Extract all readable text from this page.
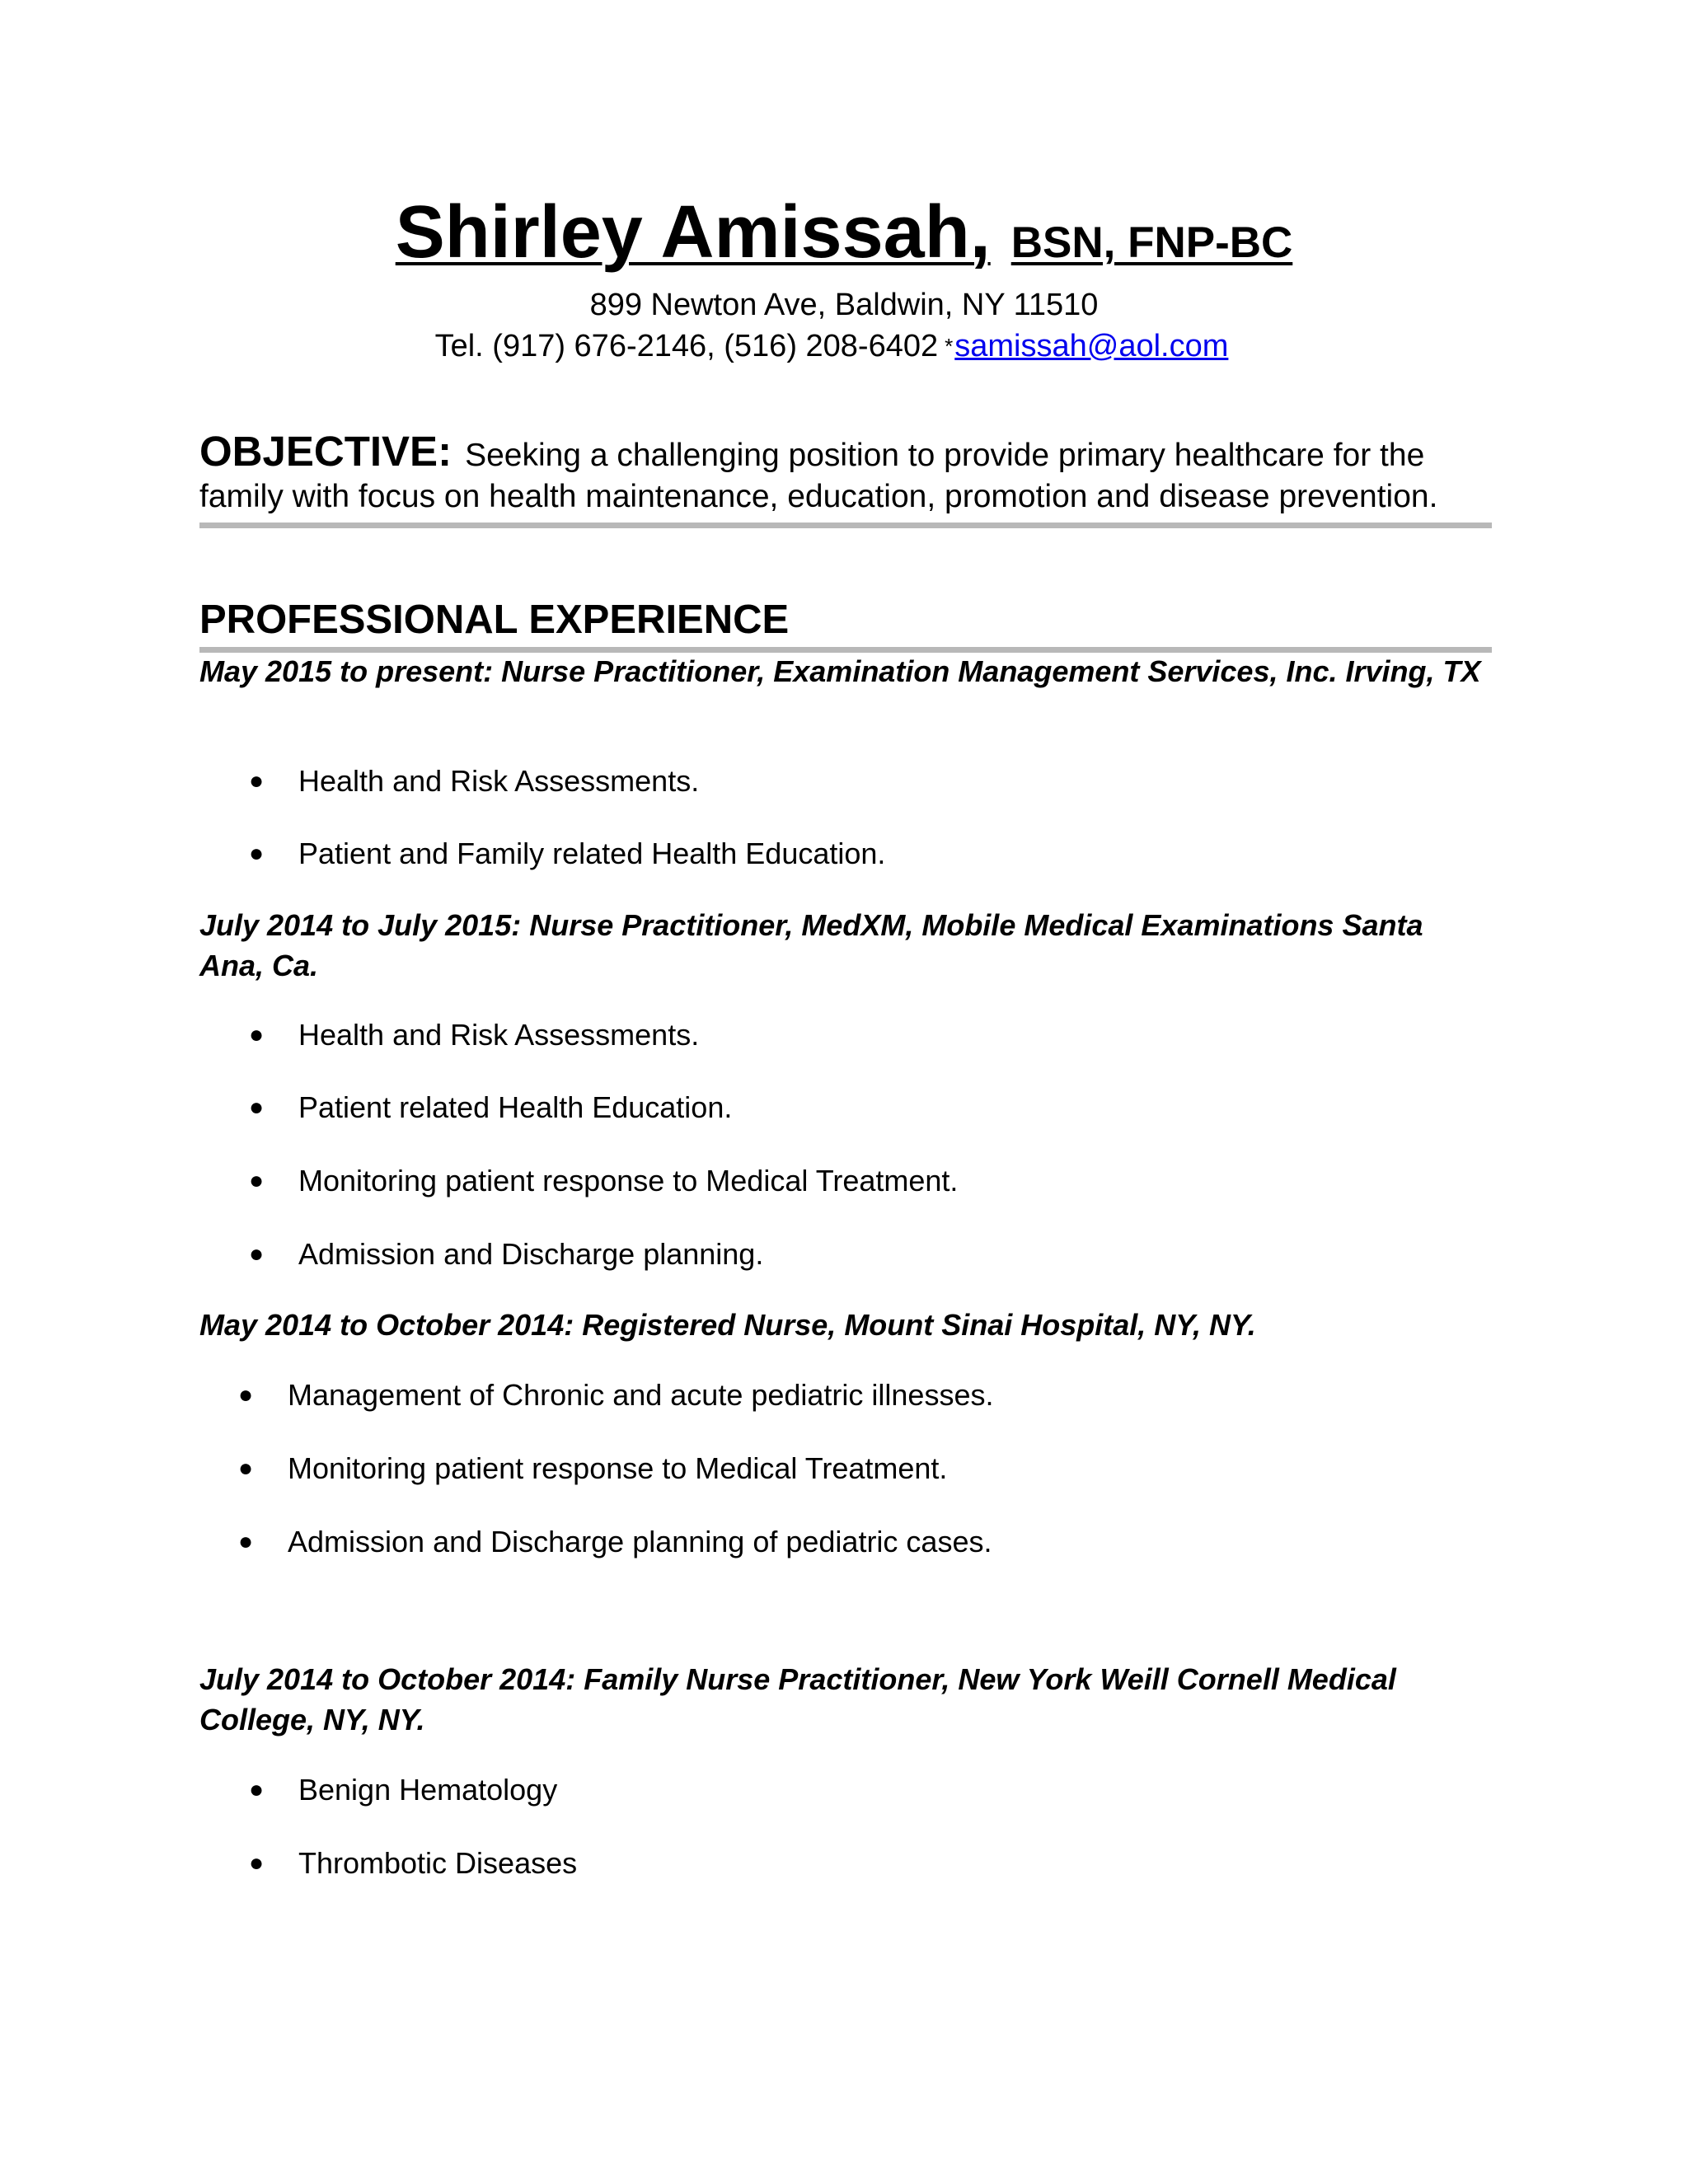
Shirley Amissah, BSN, FNP-BC
899 Newton Ave, Baldwin, NY 11510
Tel. (917) 676-2146, (516) 208-6402 *samissah@aol.com
OBJECTIVE: Seeking a challenging position to provide primary healthcare for the family with focus on health maintenance, education, promotion and disease prevention.
PROFESSIONAL EXPERIENCE
May 2015 to present: Nurse Practitioner, Examination Management Services, Inc. Irving, TX
● Health and Risk Assessments.
● Patient and Family related Health Education.
July 2014 to July 2015: Nurse Practitioner, MedXM, Mobile Medical Examinations Santa Ana, Ca.
● Health and Risk Assessments.
● Patient related Health Education.
● Monitoring patient response to Medical Treatment.
● Admission and Discharge planning.
May 2014 to October 2014: Registered Nurse, Mount Sinai Hospital, NY, NY.
● Management of Chronic and acute pediatric illnesses.
● Monitoring patient response to Medical Treatment.
● Admission and Discharge planning of pediatric cases.
July 2014 to October 2014: Family Nurse Practitioner, New York Weill Cornell Medical College, NY, NY.
● Benign Hematology
● Thrombotic Diseases
